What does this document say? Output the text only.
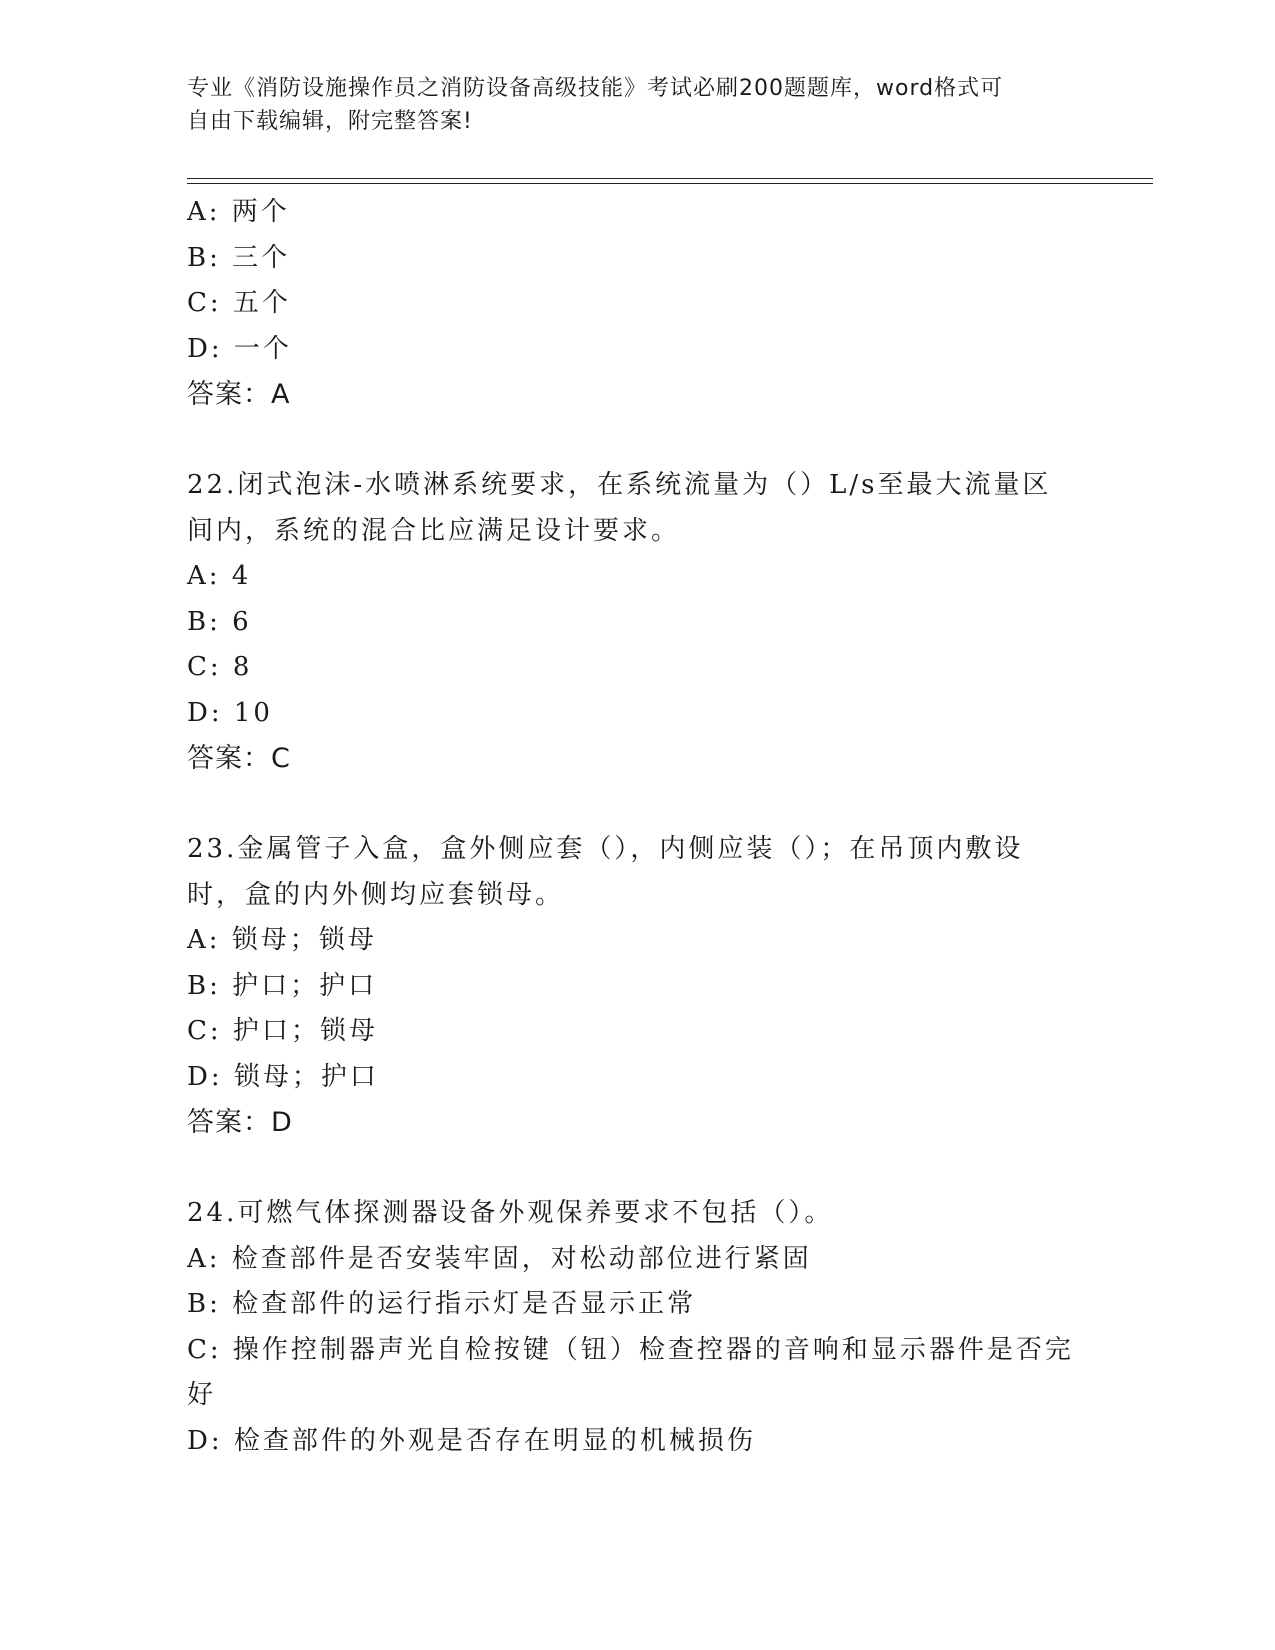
专业《消防设施操作员之消防设备高级技能》考试必刷200题题库，word格式可
自由下载编辑，附完整答案!
A: 两个
B: 三个
C: 五个
D: 一个
答案：A
22.闭式泡沫-水喷淋系统要求，在系统流量为（）L/s至最大流量区间内，系统的混合比应满足设计要求。
A: 4
B: 6
C: 8
D: 10
答案：C
23.金属管子入盒，盒外侧应套（），内侧应装（）；在吊顶内敷设时，盒的内外侧均应套锁母。
A: 锁母；锁母
B: 护口；护口
C: 护口；锁母
D: 锁母；护口
答案：D
24.可燃气体探测器设备外观保养要求不包括（）。
A: 检查部件是否安装牢固，对松动部位进行紧固
B: 检查部件的运行指示灯是否显示正常
C: 操作控制器声光自检按键（钮）检查控器的音响和显示器件是否完好
D: 检查部件的外观是否存在明显的机械损伤
